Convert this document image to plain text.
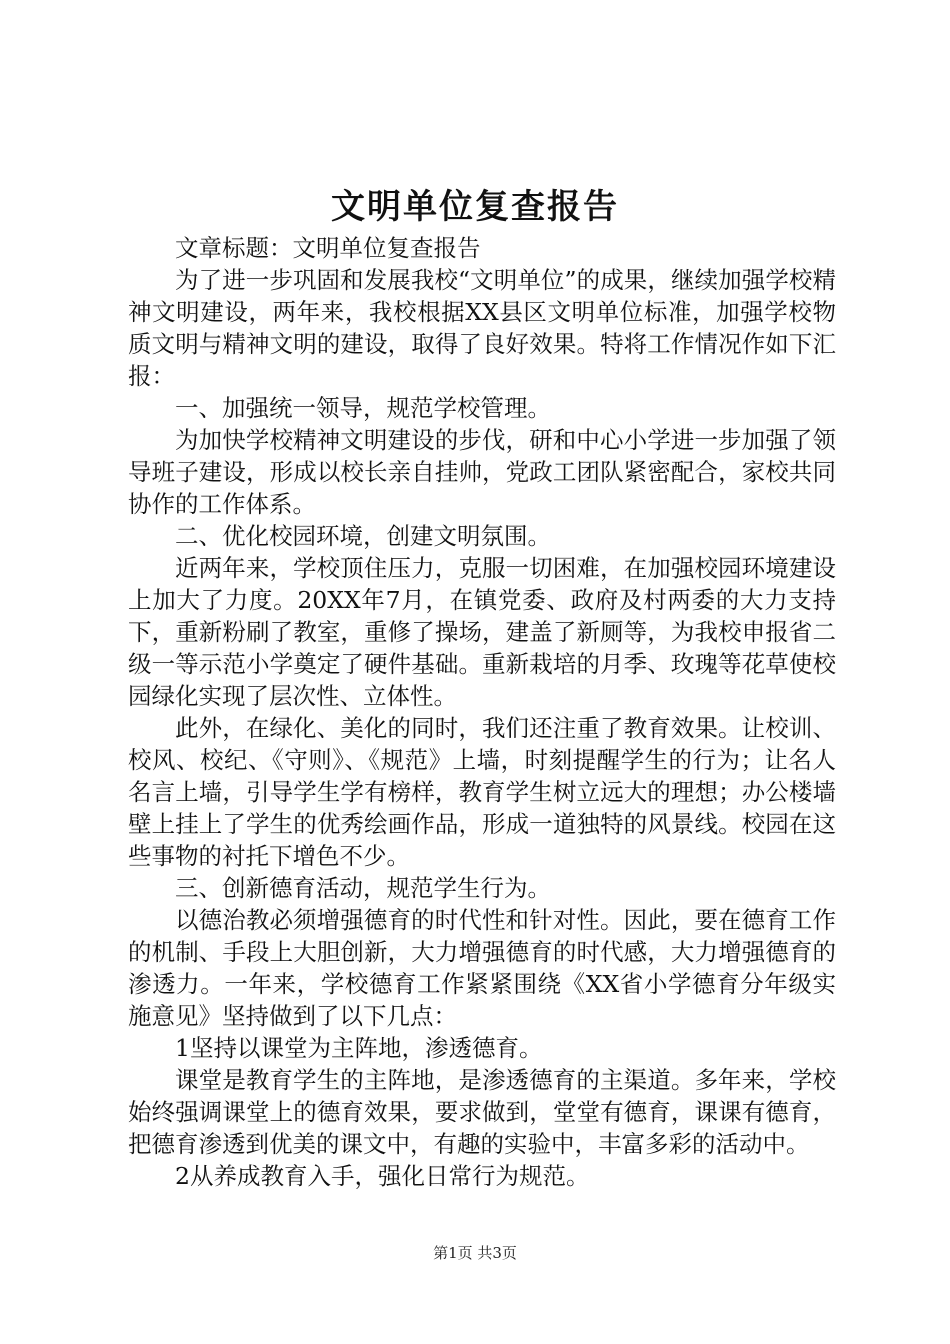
文明单位复查报告

文章标题：文明单位复查报告

为了进一步巩固和发展我校“文明单位”的成果，继续加强学校精神文明建设，两年来，我校根据XX县区文明单位标准，加强学校物质文明与精神文明的建设，取得了良好效果。特将工作情况作如下汇报：

一、加强统一领导，规范学校管理。

为加快学校精神文明建设的步伐，研和中心小学进一步加强了领导班子建设，形成以校长亲自挂帅，党政工团队紧密配合，家校共同协作的工作体系。

二、优化校园环境，创建文明氛围。

近两年来，学校顶住压力，克服一切困难，在加强校园环境建设上加大了力度。20XX年7月，在镇党委、政府及村两委的大力支持下，重新粉刷了教室，重修了操场，建盖了新厕等，为我校申报省二级一等示范小学奠定了硬件基础。重新栽培的月季、玫瑰等花草使校园绿化实现了层次性、立体性。

此外，在绿化、美化的同时，我们还注重了教育效果。让校训、校风、校纪、《守则》、《规范》上墙，时刻提醒学生的行为；让名人名言上墙，引导学生学有榜样，教育学生树立远大的理想；办公楼墙壁上挂上了学生的优秀绘画作品，形成一道独特的风景线。校园在这些事物的衬托下增色不少。

三、创新德育活动，规范学生行为。

以德治教必须增强德育的时代性和针对性。因此，要在德育工作的机制、手段上大胆创新，大力增强德育的时代感，大力增强德育的渗透力。一年来，学校德育工作紧紧围绕《XX省小学德育分年级实施意见》坚持做到了以下几点：

1坚持以课堂为主阵地，渗透德育。

课堂是教育学生的主阵地，是渗透德育的主渠道。多年来，学校始终强调课堂上的德育效果，要求做到，堂堂有德育，课课有德育，把德育渗透到优美的课文中，有趣的实验中，丰富多彩的活动中。

2从养成教育入手，强化日常行为规范。

第1页 共3页
